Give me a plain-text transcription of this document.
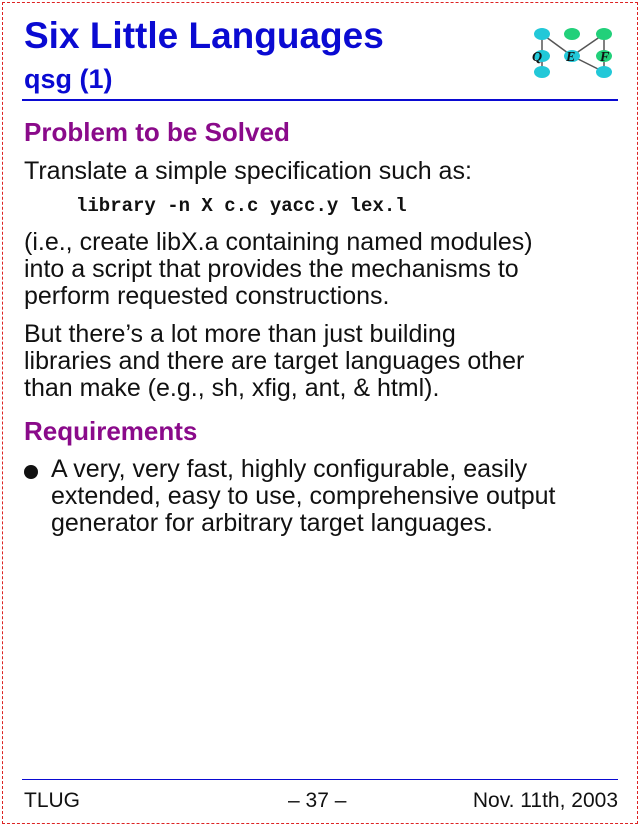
Six Little Languages
qsg (1)
Q E F
Problem to be Solved

Translate a simple specification such as:

library -n X c.c yacc.y lex.l

(i.e., create libX.a containing named modules)

into a script that provides the mechanisms to

perform requested constructions.

But there’s a lot more than just building

libraries and there are target languages other

than make (e.g., sh, xfig, ant, & html).

Requirements

A very, very fast, highly configurable, easily

extended, easy to use, comprehensive output

generator for arbitrary target languages.

TLUG	– 37 –	Nov. 11th, 2003
